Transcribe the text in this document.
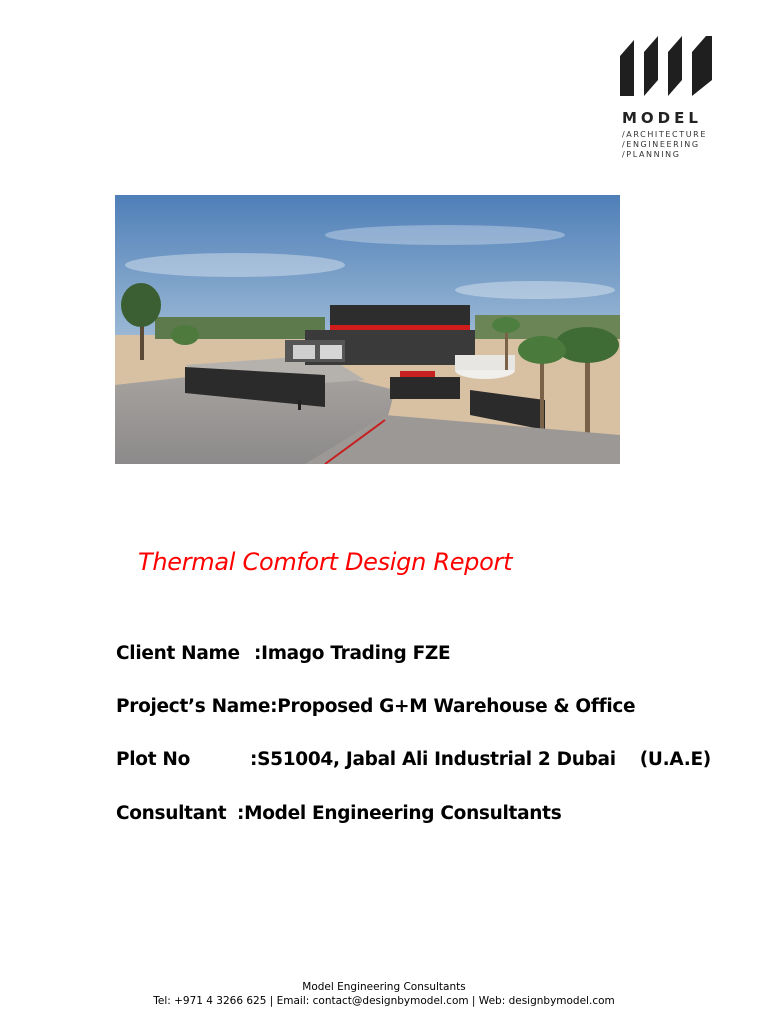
MODEL
/ARCHITECTURE
/ENGINEERING
/PLANNING
Thermal Comfort Design Report
Client Name:Imago Trading FZE
Project’s Name:Proposed G+M Warehouse & Office
Plot No	:S51004, Jabal Ali Industrial 2 Dubai (U.A.E)
Consultant:Model Engineering Consultants
Model Engineering Consultants
Tel: +971 4 3266 625 | Email: contact@designbymodel.com | Web: designbymodel.com
